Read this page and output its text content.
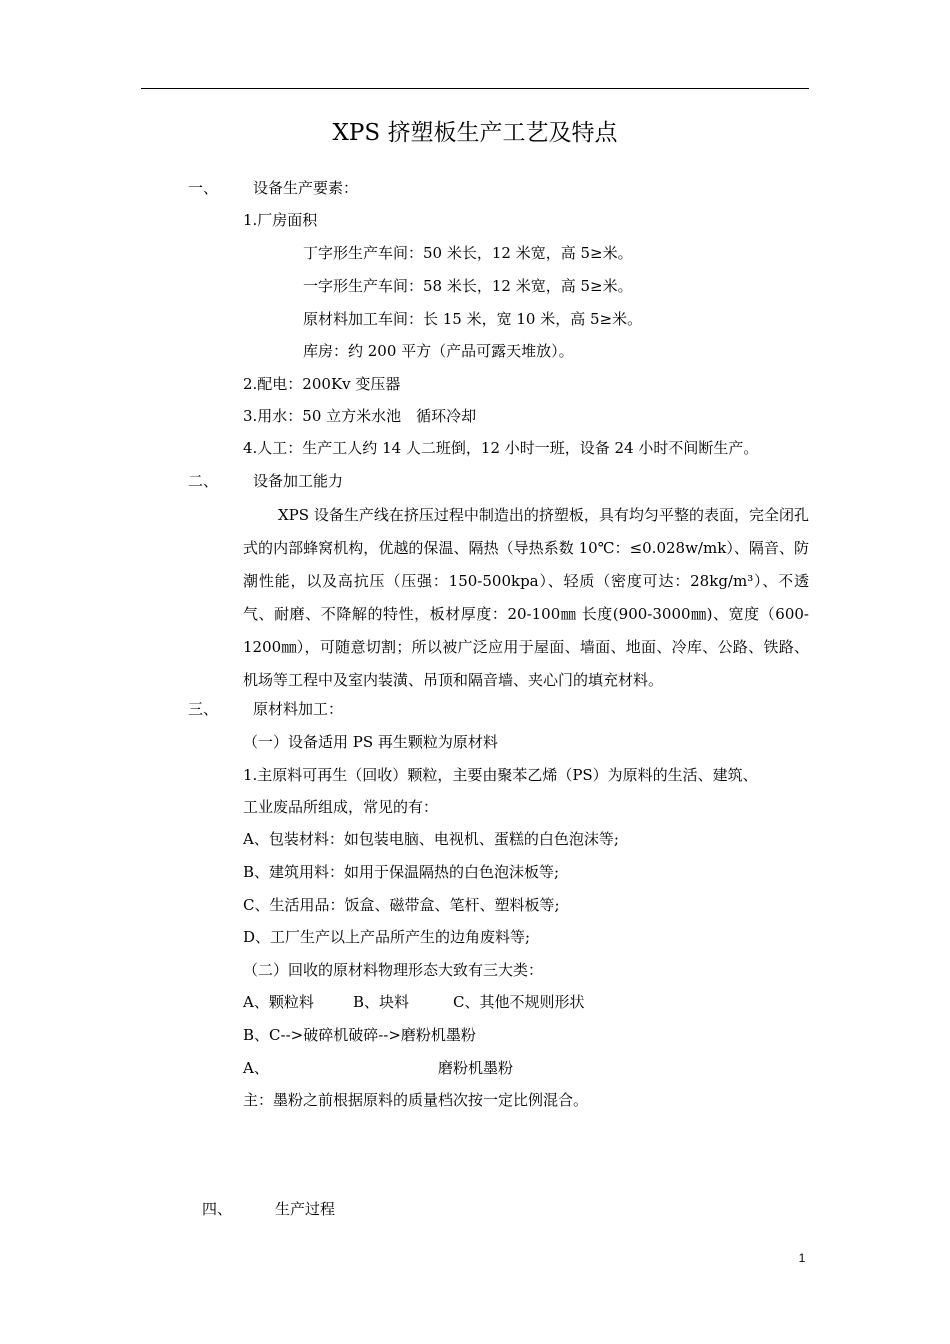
XPS 挤塑板生产工艺及特点
一、 设备生产要素：
1.厂房面积
丁字形生产车间：50 米长，12 米宽，高 5≥米。
一字形生产车间：58 米长，12 米宽，高 5≥米。
原材料加工车间：长 15 米，宽 10 米，高 5≥米。
库房：约 200 平方（产品可露天堆放）。
2.配电：200Kv 变压器
3.用水：50 立方米水池　循环冷却
4.人工：生产工人约 14 人二班倒，12 小时一班，设备 24 小时不间断生产。
二、 设备加工能力
XPS 设备生产线在挤压过程中制造出的挤塑板，具有均匀平整的表面，完全闭孔式的内部蜂窝机构，优越的保温、隔热（导热系数 10℃：≤0.028w/mk）、隔音、防潮性能，以及高抗压（压强：150-500kpa）、轻质（密度可达：28kg/m³）、不透气、耐磨、不降解的特性，板材厚度：20-100㎜ 长度(900-3000㎜)、宽度（600-1200㎜），可随意切割；所以被广泛应用于屋面、墙面、地面、冷库、公路、铁路、机场等工程中及室内装潢、吊顶和隔音墙、夹心门的填充材料。
三、 原材料加工：
（一）设备适用 PS 再生颗粒为原材料
1.主原料可再生（回收）颗粒，主要由聚苯乙烯（PS）为原料的生活、建筑、
工业废品所组成，常见的有：
A、包装材料：如包装电脑、电视机、蛋糕的白色泡沫等;
B、建筑用料：如用于保温隔热的白色泡沫板等;
C、生活用品：饭盒、磁带盒、笔杆、塑料板等;
D、工厂生产以上产品所产生的边角废料等;
（二）回收的原材料物理形态大致有三大类：
A、颗粒料	B、块料	C、其他不规则形状
B、C-->破碎机破碎-->磨粉机墨粉
A、	磨粉机墨粉
主：墨粉之前根据原料的质量档次按一定比例混合。
四、	生产过程
1
